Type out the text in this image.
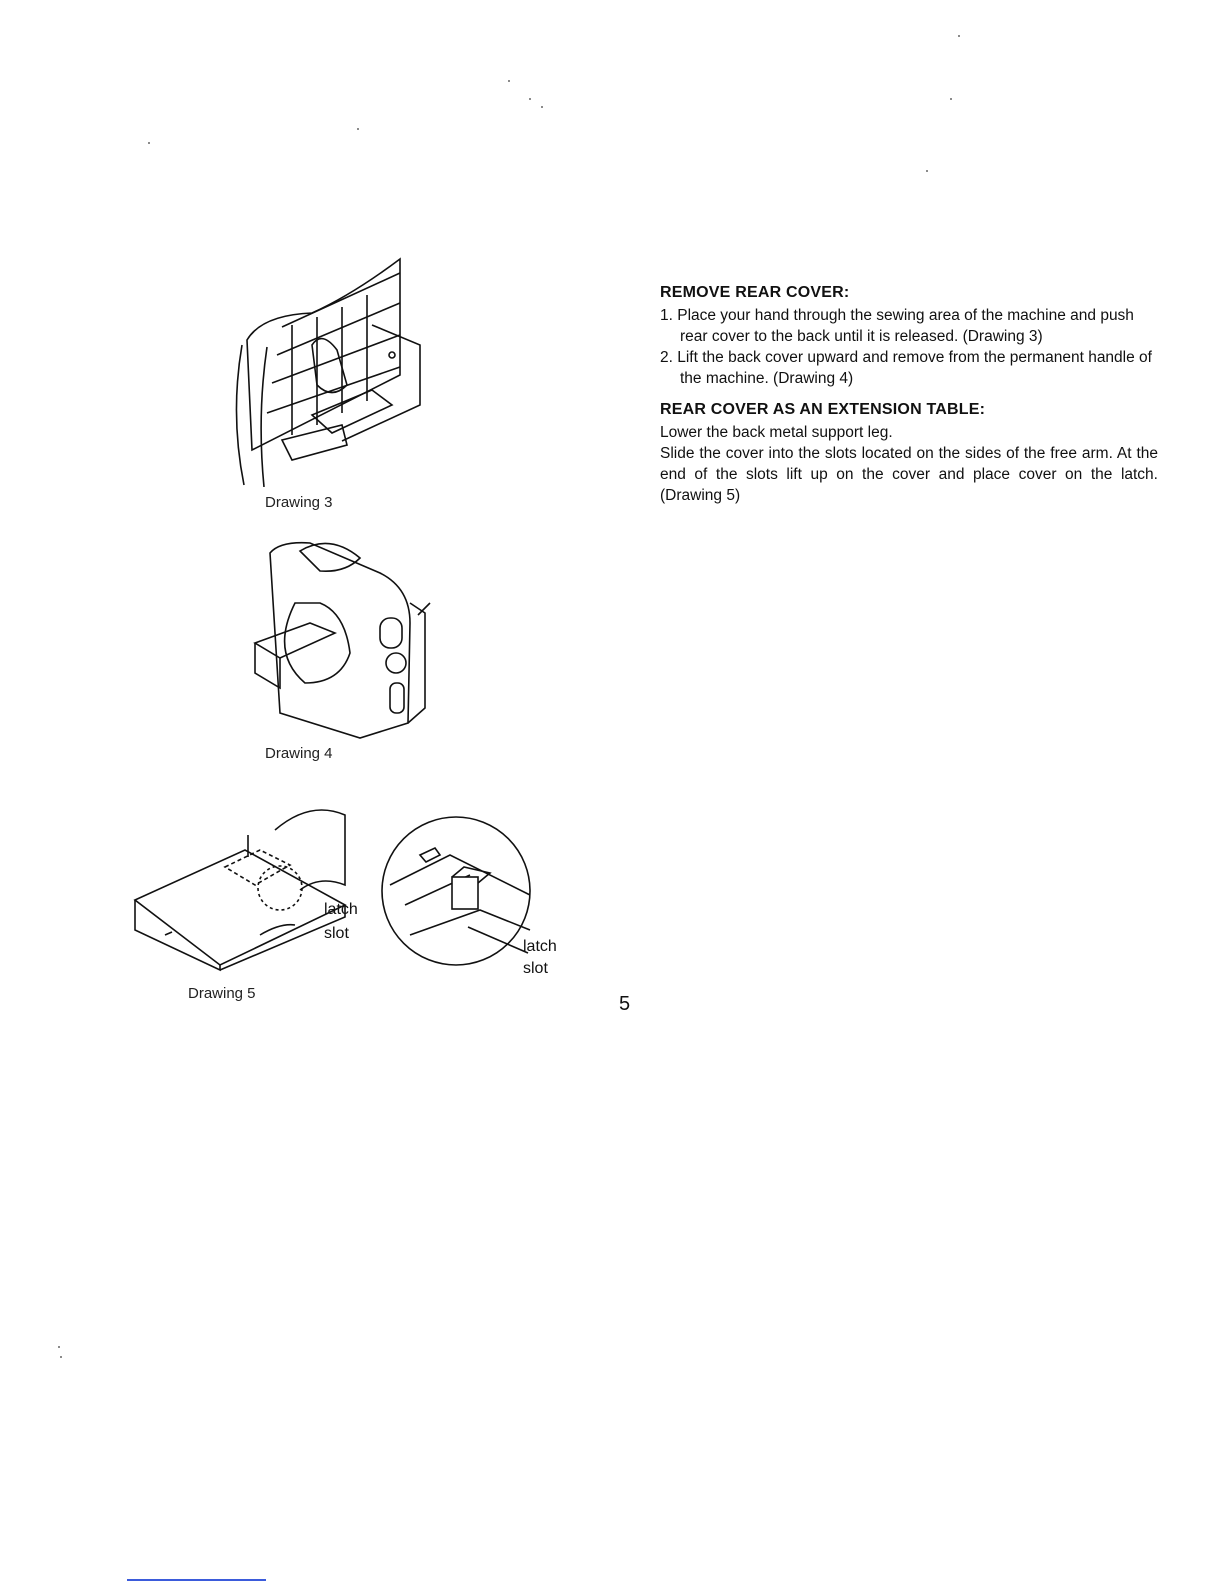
Drawing 3
Drawing 4
latch
slot
Drawing 5
latch
slot
REMOVE REAR COVER:
1. Place your hand through the sewing area of the machine and push rear cover to the back until it is released. (Drawing 3)
2. Lift the back cover upward and remove from the permanent handle of the machine. (Drawing 4)
REAR COVER AS AN EXTENSION TABLE:

Lower the back metal support leg.

Slide the cover into the slots located on the sides of the free arm. At the end of the slots lift up on the cover and place cover on the latch. (Drawing 5)

5
